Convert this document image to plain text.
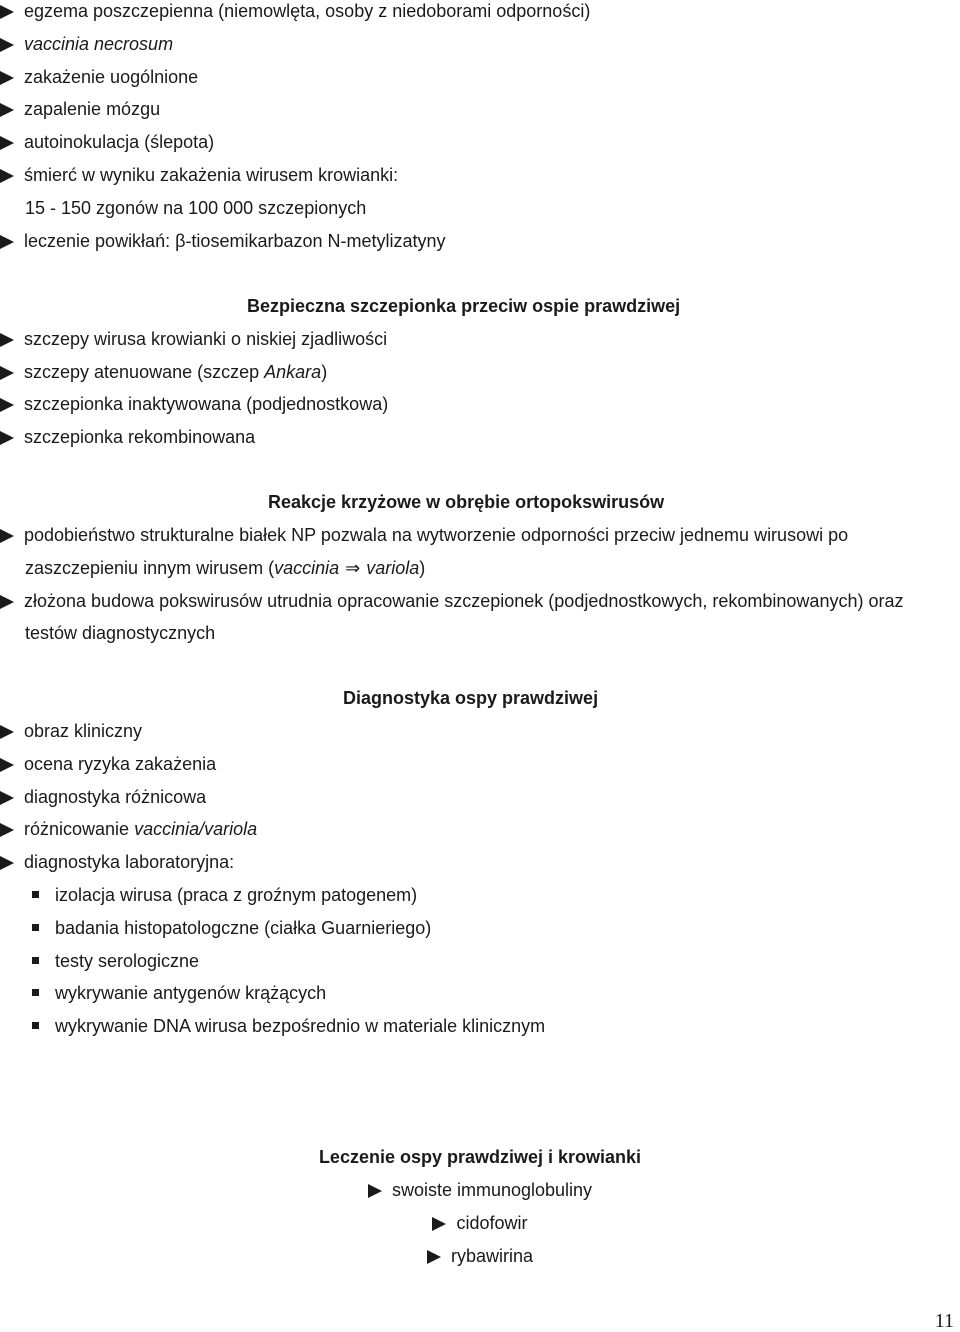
egzema poszczepienna (niemowlęta, osoby z niedoborami odporności)
vaccinia necrosum
zakażenie uogólnione
zapalenie mózgu
autoinokulacja (ślepota)
śmierć w wyniku zakażenia wirusem krowianki:
15 - 150 zgonów na 100 000 szczepionych
leczenie powikłań: β-tiosemikarbazon N-metylizatyny
Bezpieczna szczepionka przeciw ospie prawdziwej
szczepy wirusa krowianki o niskiej zjadliwości
szczepy atenuowane (szczep Ankara)
szczepionka inaktywowana (podjednostkowa)
szczepionka rekombinowana
Reakcje krzyżowe w obrębie ortopokswirusów
podobieństwo strukturalne białek NP pozwala na wytworzenie odporności przeciw jednemu wirusowi po
zaszczepieniu innym wirusem (vaccinia ⇒ variola)
złożona budowa pokswirusów utrudnia opracowanie szczepionek (podjednostkowych, rekombinowanych) oraz
testów diagnostycznych
Diagnostyka ospy prawdziwej
obraz kliniczny
ocena ryzyka zakażenia
diagnostyka różnicowa
różnicowanie vaccinia/variola
diagnostyka laboratoryjna:
izolacja wirusa (praca z groźnym patogenem)
badania histopatologczne (ciałka Guarnieriego)
testy serologiczne
wykrywanie antygenów krążących
wykrywanie DNA wirusa bezpośrednio w materiale klinicznym
Leczenie ospy prawdziwej i krowianki
swoiste immunoglobuliny
cidofowir
rybawirina
11
